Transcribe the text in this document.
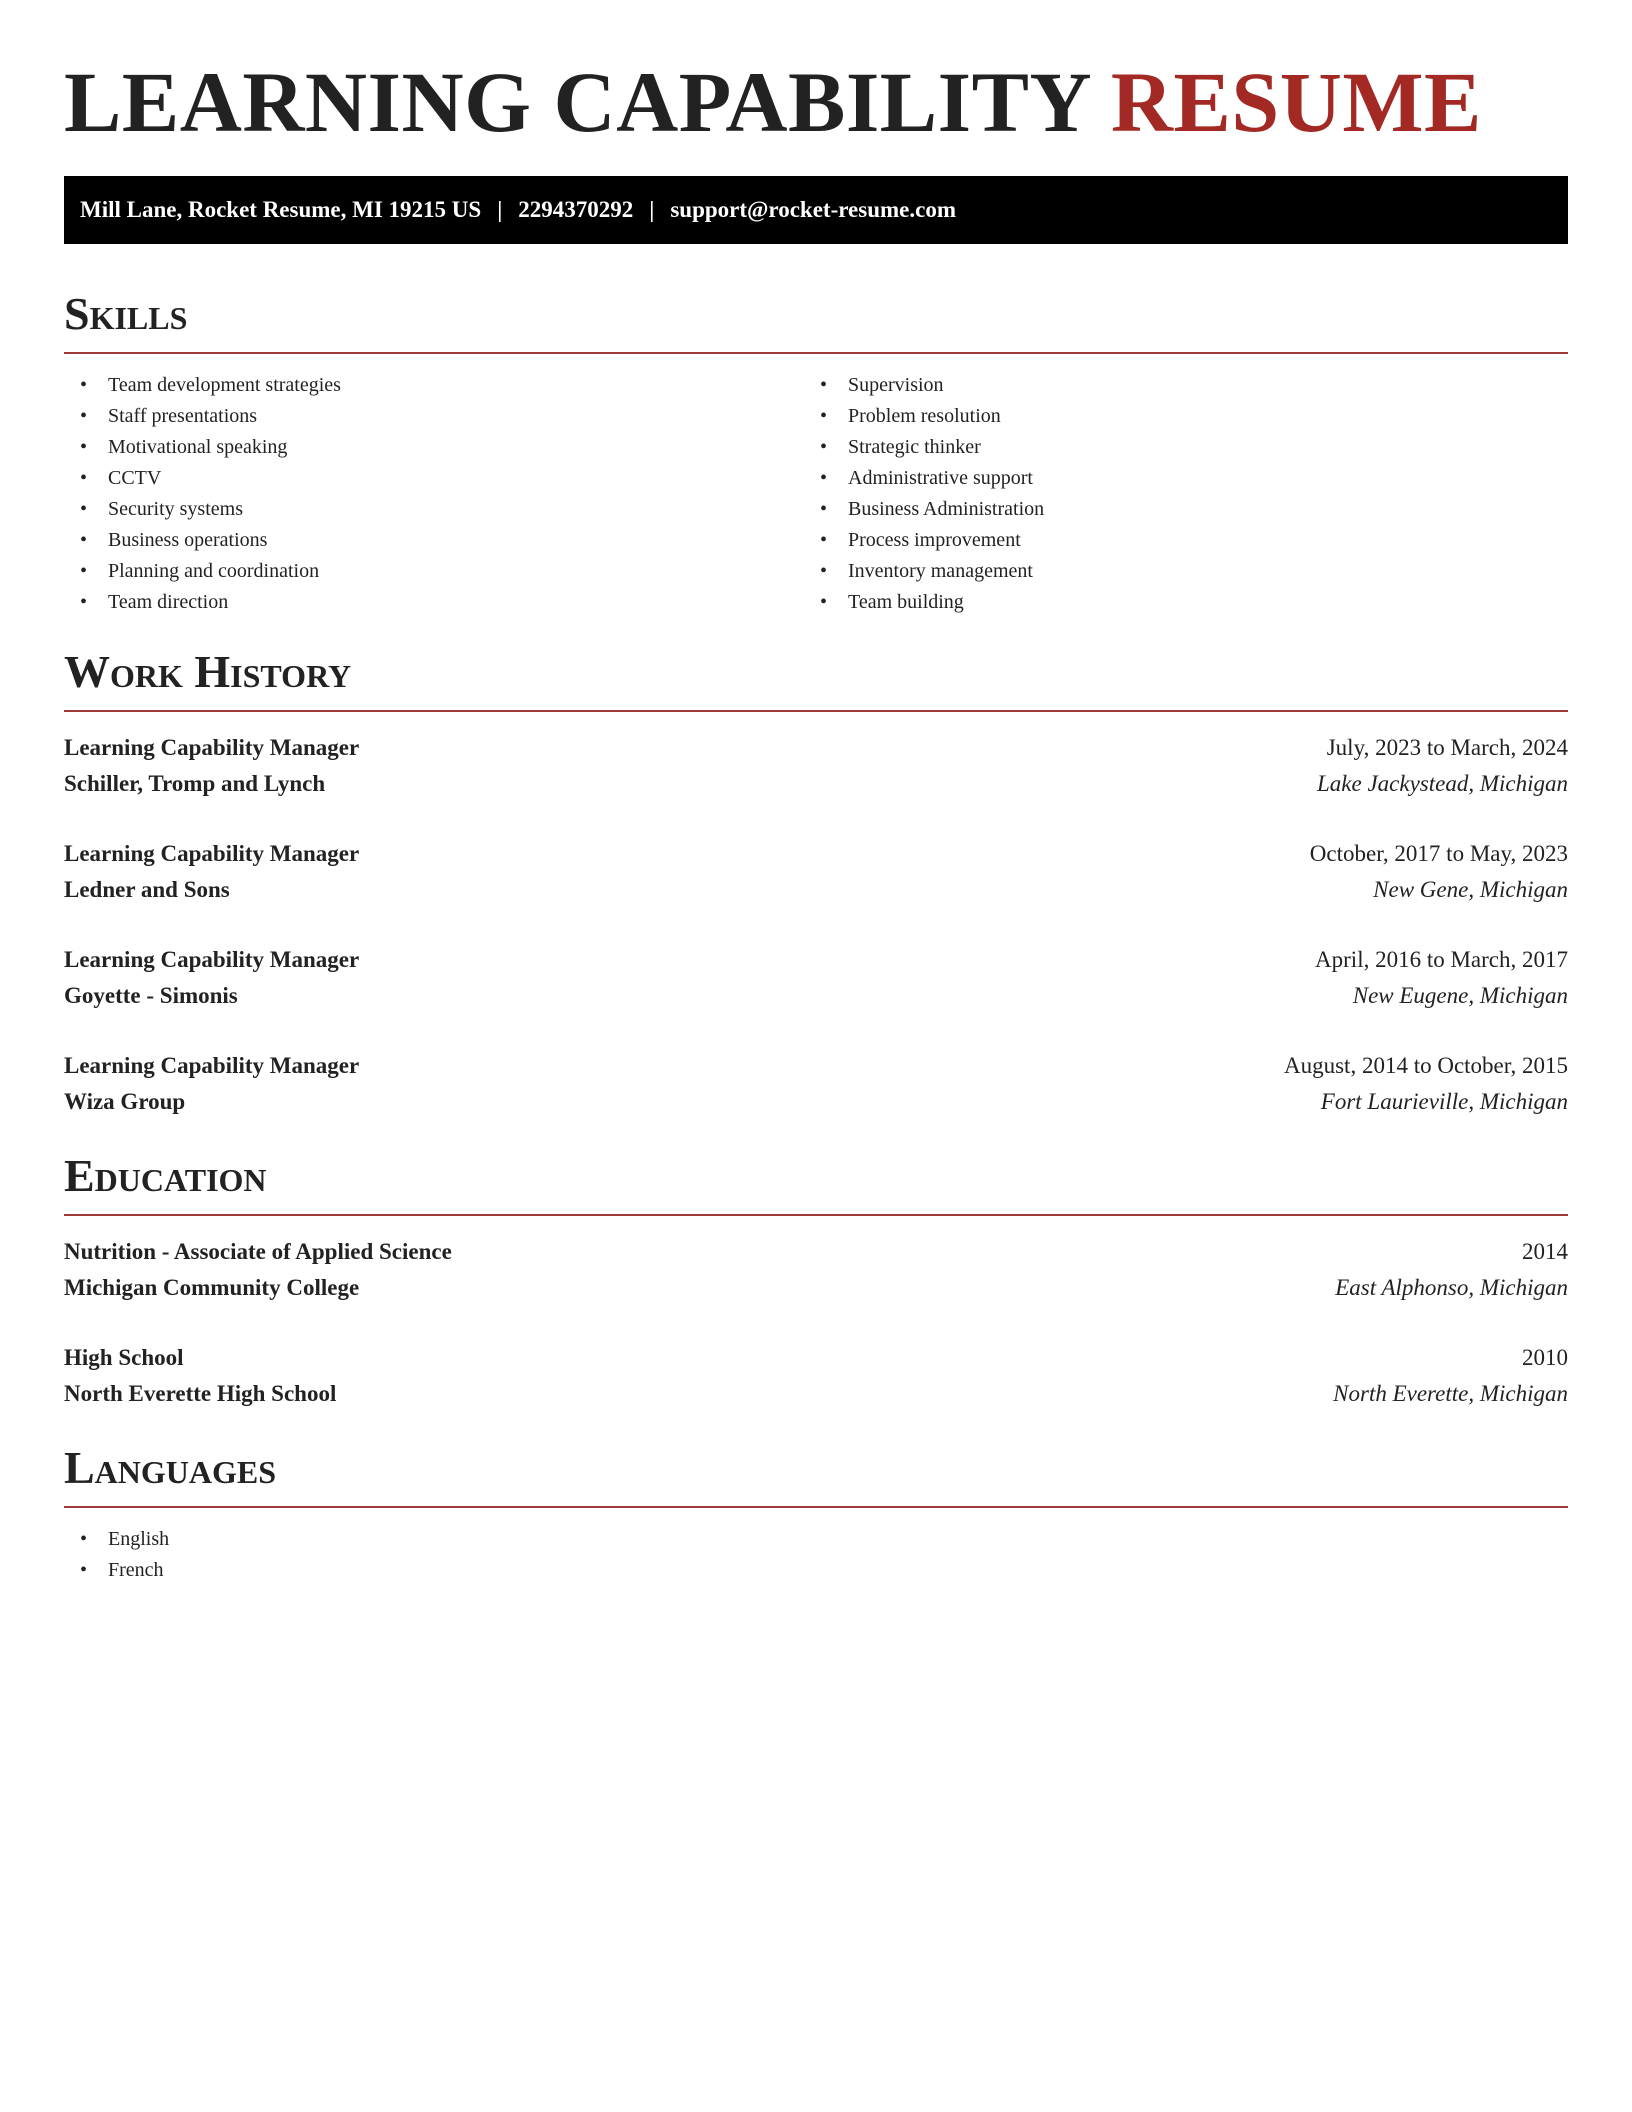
LEARNING CAPABILITY RESUME
Mill Lane, Rocket Resume, MI 19215 US | 2294370292 | support@rocket-resume.com
Skills
• Team development strategies
• Staff presentations
• Motivational speaking
• CCTV
• Security systems
• Business operations
• Planning and coordination
• Team direction
• Supervision
• Problem resolution
• Strategic thinker
• Administrative support
• Business Administration
• Process improvement
• Inventory management
• Team building
Work History
Learning Capability Manager	July, 2023 to March, 2024
Schiller, Tromp and Lynch	Lake Jackystead, Michigan
Learning Capability Manager	October, 2017 to May, 2023
Ledner and Sons	New Gene, Michigan
Learning Capability Manager	April, 2016 to March, 2017
Goyette - Simonis	New Eugene, Michigan
Learning Capability Manager	August, 2014 to October, 2015
Wiza Group	Fort Laurieville, Michigan
Education
Nutrition - Associate of Applied Science	2014
Michigan Community College	East Alphonso, Michigan
High School	2010
North Everette High School	North Everette, Michigan
Languages
• English
• French
